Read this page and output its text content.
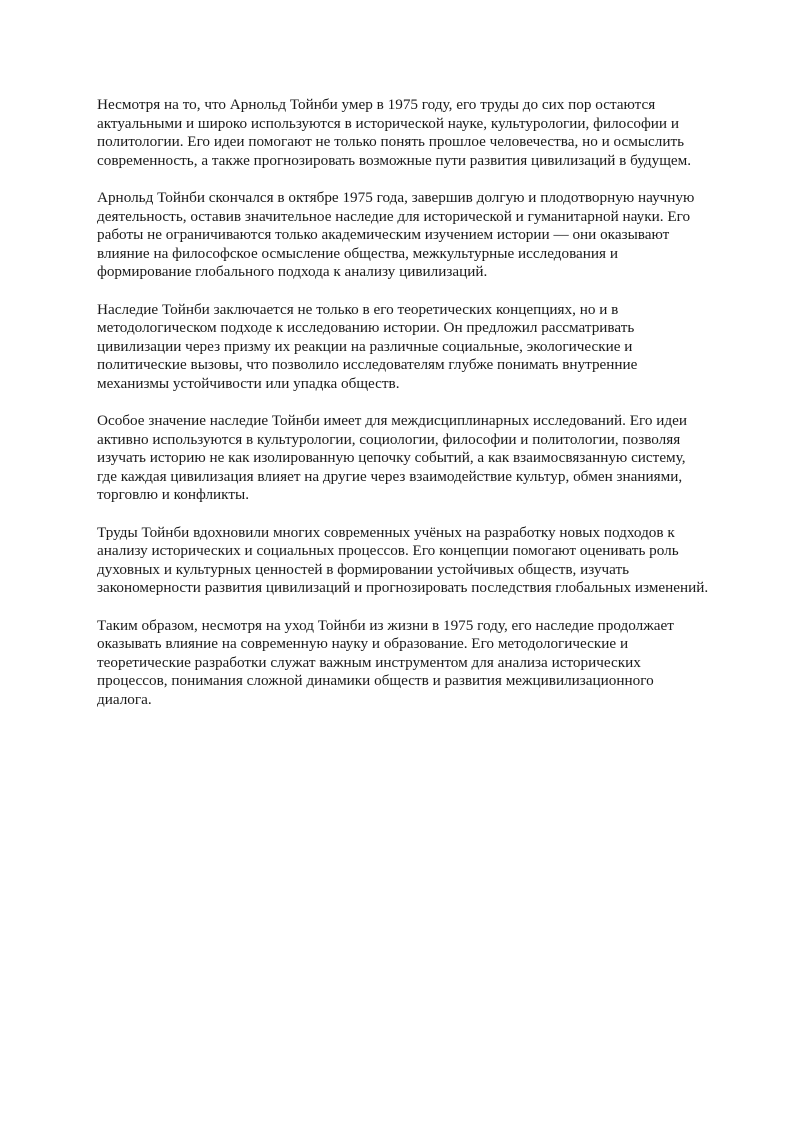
Несмотря на то, что Арнольд Тойнби умер в 1975 году, его труды до сих пор остаются актуальными и широко используются в исторической науке, культурологии, философии и политологии. Его идеи помогают не только понять прошлое человечества, но и осмыслить современность, а также прогнозировать возможные пути развития цивилизаций в будущем.

Арнольд Тойнби скончался в октябре 1975 года, завершив долгую и плодотворную научную деятельность, оставив значительное наследие для исторической и гуманитарной науки. Его работы не ограничиваются только академическим изучением истории — они оказывают влияние на философское осмысление общества, межкультурные исследования и формирование глобального подхода к анализу цивилизаций.

Наследие Тойнби заключается не только в его теоретических концепциях, но и в методологическом подходе к исследованию истории. Он предложил рассматривать цивилизации через призму их реакции на различные социальные, экологические и политические вызовы, что позволило исследователям глубже понимать внутренние механизмы устойчивости или упадка обществ.

Особое значение наследие Тойнби имеет для междисциплинарных исследований. Его идеи активно используются в культурологии, социологии, философии и политологии, позволяя изучать историю не как изолированную цепочку событий, а как взаимосвязанную систему, где каждая цивилизация влияет на другие через взаимодействие культур, обмен знаниями, торговлю и конфликты.

Труды Тойнби вдохновили многих современных учёных на разработку новых подходов к анализу исторических и социальных процессов. Его концепции помогают оценивать роль духовных и культурных ценностей в формировании устойчивых обществ, изучать закономерности развития цивилизаций и прогнозировать последствия глобальных изменений.

Таким образом, несмотря на уход Тойнби из жизни в 1975 году, его наследие продолжает оказывать влияние на современную науку и образование. Его методологические и теоретические разработки служат важным инструментом для анализа исторических процессов, понимания сложной динамики обществ и развития межцивилизационного диалога.
